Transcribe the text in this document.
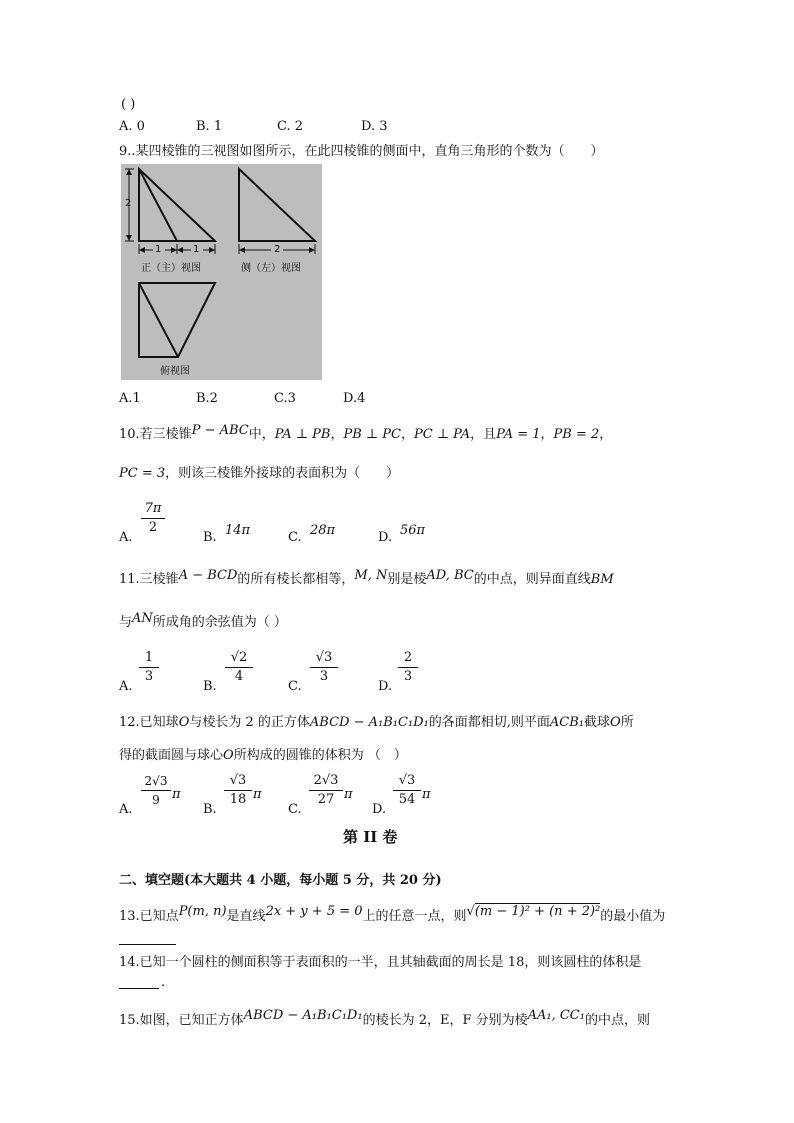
( )
A. 0	B. 1	C. 2	D. 3
9..某四棱锥的三视图如图所示，在此四棱锥的侧面中，直角三角形的个数为（　　）
2
1	1	2
正（主）视图	侧（左）视图
俯视图
A.1	B.2	C.3	D.4
10.若三棱锥P − ABC中，PA ⊥ PB，PB ⊥ PC，PC ⊥ PA，且PA = 1，PB = 2，
PC = 3，则该三棱锥外接球的表面积为（　　）
A.
$\frac{7\pi}{2}$
B. 14π	C. 28π	D. 56π
11.三棱锥A − BCD的所有棱长都相等，M, N别是棱AD, BC的中点，则异面直线BM
与AN所成角的余弦值为（ ）
A.
$\frac{1}{3}$
B.
$\frac{√2}{4}$
C.
$\frac{√3}{3}$
D.
$\frac{2}{3}$
12.已知球O与棱长为 2 的正方体ABCD − A₁B₁C₁D₁的各面都相切,则平面ACB₁截球O所
得的截面圆与球心O所构成的圆锥的体积为 （　）
A.
$\frac{2√3}{9}$ π
B.
$\frac{√3}{18}$ π
C.
$\frac{2√3}{27}$ π
D.
$\frac{√3}{54}$ π
第 II 卷
二、填空题(本大题共 4 小题，每小题 5 分，共 20 分)
13.已知点P(m, n)是直线2x + y + 5 = 0上的任意一点，则√(m − 1)² + (n + 2)²的最小值为
14.已知一个圆柱的侧面积等于表面积的一半，且其轴截面的周长是 18，则该圆柱的体积是
.
15.如图，已知正方体ABCD − A₁B₁C₁D₁的棱长为 2，E，F 分别为棱AA₁, CC₁的中点，则
